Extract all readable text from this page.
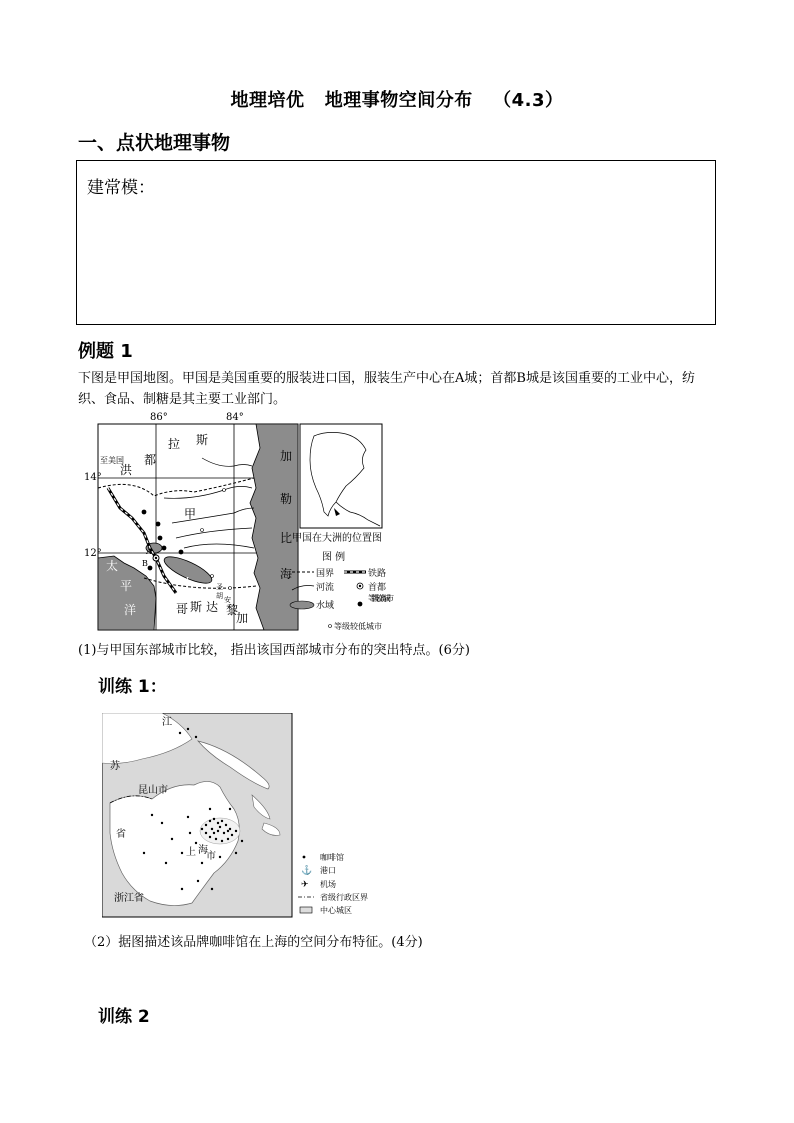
地理培优   地理事物空间分布   （4.3）
一、点状地理事物
建常模：
例题 1
下图是甲国地图。甲国是美国重要的服装进口国，服装生产中心在A城；首都B城是该国重要的工业中心，纺织、食品、制糖是其主要工业部门。
86°	84°
14°
12°
至美国
洪
都
拉 斯
甲
加
勒
比
海
太
平
洋	哥 斯 达 黎
加
A
B
L
圣
胡 安
甲国在大洲的位置图
图 例
国界	铁路
河流	首都
水域
等级较高城市
等级较低城市
(1)与甲国东部城市比较， 指出该国西部城市分布的突出特点。(6分)
训练 1：
江
苏
昆山市
省
上 海
市
浙江省
咖啡馆
⚓ 港口
✈ 机场
省级行政区界
中心城区
（2）据图描述该品牌咖啡馆在上海的空间分布特征。(4分)
训练 2
